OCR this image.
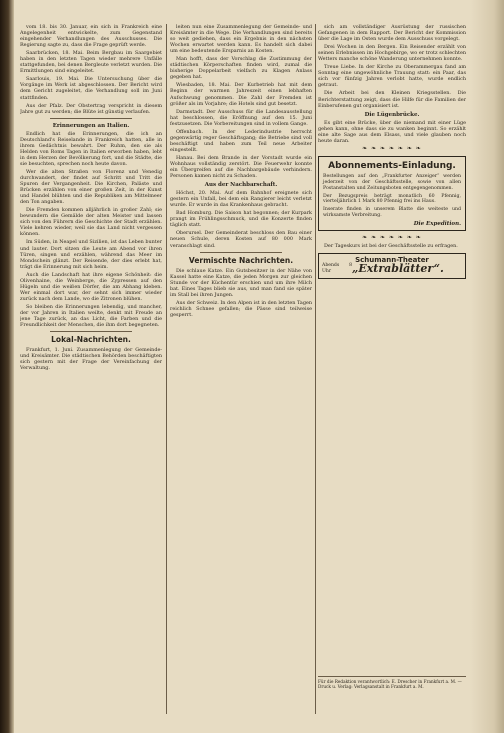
vom 18. bis 30. Januar, ein sich in Frankreich eine Angelegenheit entwickelte, zum Gegenstand eingehender Verhandlungen des Ausschusses. Die Regierung sagte zu, dass die Frage geprüft werde.

Saarbrücken, 18. Mai. Beim Bergbau im Saargebiet haben in den letzten Tagen wieder mehrere Unfälle stattgefunden, bei denen Bergleute verletzt wurden. Die Ermittlungen sind eingeleitet.

Saarlouis, 19. Mai. Die Untersuchung über die Vorgänge im Werk ist abgeschlossen. Der Bericht wird dem Gericht zugeleitet, die Verhandlung soll im Juni stattfinden.

Aus der Pfalz. Der Obstertrag verspricht in diesem Jahre gut zu werden; die Blüte ist günstig verlaufen.

Erinnerungen an Italien.

Endlich hat die Erinnerungen, die ich an Deutschland's Reiselande in Frankreich hatten, alle in ihrem Gedächtnis bewahrt. Der Ruhm, den sie als Helden von Roms Tagen in Italien erworben haben, lebt in dem Herzen der Bevölkerung fort, und die Städte, die sie besuchten, sprechen noch heute davon.

Wer die alten Straßen von Florenz und Venedig durchwandert, der findet auf Schritt und Tritt die Spuren der Vergangenheit. Die Kirchen, Paläste und Brücken erzählen von einer großen Zeit, in der Kunst und Handel blühten und die Republiken am Mittelmeer den Ton angaben.

Die Fremden kommen alljährlich in großer Zahl; sie bewundern die Gemälde der alten Meister und lassen sich von den Führern die Geschichte der Stadt erzählen. Viele kehren wieder, weil sie das Land nicht vergessen können.

Im Süden, in Neapel und Sizilien, ist das Leben bunter und lauter. Dort sitzen die Leute am Abend vor ihren Türen, singen und erzählen, während das Meer im Mondschein glänzt. Der Reisende, der dies erlebt hat, trägt die Erinnerung mit sich heim.

Auch die Landschaft hat ihre eigene Schönheit: die Olivenhaine, die Weinberge, die Zypressen auf den Hügeln und die weißen Dörfer, die am Abhang kleben. Wer einmal dort war, der sehnt sich immer wieder zurück nach dem Lande, wo die Zitronen blühen.

So bleiben die Erinnerungen lebendig, und mancher, der vor Jahren in Italien weilte, denkt mit Freude an jene Tage zurück, an das Licht, die Farben und die Freundlichkeit der Menschen, die ihm dort begegneten.

Lokal-Nachrichten.

Frankfurt, 1. Juni. Zusammenlegung der Gemeinde- und Kreisämter. Die städtischen Behörden beschäftigten sich gestern mit der Frage der Vereinfachung der Verwaltung.

leiten nun eine Zusammenlegung der Gemeinde- und Kreisämter in die Wege. Die Verhandlungen sind bereits so weit gediehen, dass ein Ergebnis in den nächsten Wochen erwartet werden kann. Es handelt sich dabei um eine bedeutende Ersparnis an Kosten.

Man hofft, dass der Vorschlag die Zustimmung der städtischen Körperschaften finden wird, zumal die bisherige Doppelarbeit vielfach zu Klagen Anlass gegeben hat.

Wiesbaden, 18. Mai. Der Kurbetrieb hat mit dem Beginn der warmen Jahreszeit einen lebhaften Aufschwung genommen. Die Zahl der Fremden ist größer als im Vorjahre; die Hotels sind gut besetzt.

Darmstadt. Der Ausschuss für die Landesausstellung hat beschlossen, die Eröffnung auf den 15. Juni festzusetzen. Die Vorbereitungen sind in vollem Gange.

Offenbach. In der Lederindustrie herrscht gegenwärtig reger Geschäftsgang; die Betriebe sind voll beschäftigt und haben zum Teil neue Arbeiter eingestellt.

Hanau. Bei dem Brande in der Vorstadt wurde ein Wohnhaus vollständig zerstört. Die Feuerwehr konnte ein Übergreifen auf die Nachbargebäude verhindern. Personen kamen nicht zu Schaden.

Aus der Nachbarschaft.

Höchst, 20. Mai. Auf dem Bahnhof ereignete sich gestern ein Unfall, bei dem ein Rangierer leicht verletzt wurde. Er wurde in das Krankenhaus gebracht.

Bad Homburg. Die Saison hat begonnen; der Kurpark prangt im Frühlingsschmuck, und die Konzerte finden täglich statt.

Oberursel. Der Gemeinderat beschloss den Bau einer neuen Schule, deren Kosten auf 80 000 Mark veranschlagt sind.

Vermischte Nachrichten.

Die schlaue Katze. Ein Gutsbesitzer in der Nähe von Kassel hatte eine Katze, die jeden Morgen zur gleichen Stunde vor der Küchentür erschien und um ihre Milch bat. Eines Tages blieb sie aus, und man fand sie später im Stall bei ihren Jungen.

Aus der Schweiz. In den Alpen ist in den letzten Tagen reichlich Schnee gefallen; die Pässe sind teilweise gesperrt.

sich am vollständiger Ausrüstung der russischen Gefangenen in dem Rapport. Der Bericht der Kommission über die Lage im Osten wurde dem Ausschuss vorgelegt.

Drei Wochen in den Bergen. Ein Reisender erzählt von seinen Erlebnissen im Hochgebirge, wo er trotz schlechten Wetters manche schöne Wanderung unternehmen konnte.

Treue Liebe. In der Kirche zu Oberammergau fand am Sonntag eine ungewöhnliche Trauung statt: ein Paar, das sich vor fünfzig Jahren verlobt hatte, wurde endlich getraut.

Die Arbeit bei den Kleinen Kriegsstellen. Die Berichterstattung zeigt, dass die Hilfe für die Familien der Einberufenen gut organisiert ist.

Die Lügenbrücke.

Es gibt eine Brücke, über die niemand mit einer Lüge gehen kann, ohne dass sie zu wanken beginnt. So erzählt eine alte Sage aus dem Elsass, und viele glauben noch heute daran.

❧ ❧ ❧ ❧ ❧ ❧ ❧
Abonnements-Einladung.

Bestellungen auf den „Frankfurter Anzeiger“ werden jederzeit von der Geschäftsstelle, sowie von allen Postanstalten und Zeitungsboten entgegengenommen.

Der Bezugspreis beträgt monatlich 60 Pfennig, vierteljährlich 1 Mark 80 Pfennig frei ins Haus.

Inserate finden in unserem Blatte die weiteste und wirksamste Verbreitung.

Die Expedition.
❧ ❧ ❧ ❧ ❧ ❧ ❧

Der Tageskurs ist bei der Geschäftsstelle zu erfragen.

Schumann-Theater
Abends 8 Uhr	„Extrablätter“.
Für die Redaktion verantwortlich: E. Drescher in Frankfurt a. M. — Druck u. Verlag: Verlagsanstalt in Frankfurt a. M.
